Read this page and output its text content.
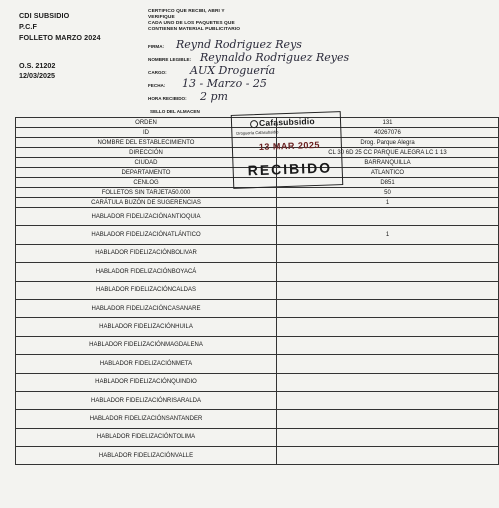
CDI SUBSIDIO
P.C.F
FOLLETO MARZO 2024
O.S. 21202
12/03/2025
CERTIFICO QUE RECIBI, ABRI Y
VERIFIQUE
CADA UNO DE LOS PAQUETES QUE
CONTIENEN MATERIAL PUBLICITARIO
FIRMA: Reynd Rodriguez Reys
NOMBRE LEGIBLE: Reynaldo Rodriguez Reyes
CARGO: AUX Droguería
FECHA: 13 - Marzo - 25
HORA RECIBIDO: 2 pm
SELLO DEL ALMACEN
ORDEN	131
ID	40267076
NOMBRE DEL ESTABLECIMIENTO	Drog. Parque Alegra
DIRECCIÓN	CL 30 6D 25 CC PARQUE ALEGRA LC 1 13
CIUDAD	BARRANQUILLA
DEPARTAMENTO	ATLANTICO
CENLOG	D851
FOLLETOS SIN TARJETA50.000	50
CARÁTULA BUZÓN DE SUGERENCIAS	1
HABLADOR FIDELIZACIÓNANTIOQUIA	
HABLADOR FIDELIZACIÓNATLÁNTICO	1
HABLADOR FIDELIZACIÓNBOLIVAR	
HABLADOR FIDELIZACIÓNBOYACÁ	
HABLADOR FIDELIZACIÓNCALDAS	
HABLADOR FIDELIZACIÓNCASANARE	
HABLADOR FIDELIZACIÓNHUILA	
HABLADOR FIDELIZACIÓNMAGDALENA	
HABLADOR FIDELIZACIÓNMETA	
HABLADOR FIDELIZACIÓNQUINDIO	
HABLADOR FIDELIZACIÓNRISARALDA	
HABLADOR FIDELIZACIÓNSANTANDER	
HABLADOR FIDELIZACIÓNTOLIMA	
HABLADOR FIDELIZACIÓNVALLE	
Cafasubsidio
Droguería Cafasubsidio
13 MAR 2025
RECIBIDO
